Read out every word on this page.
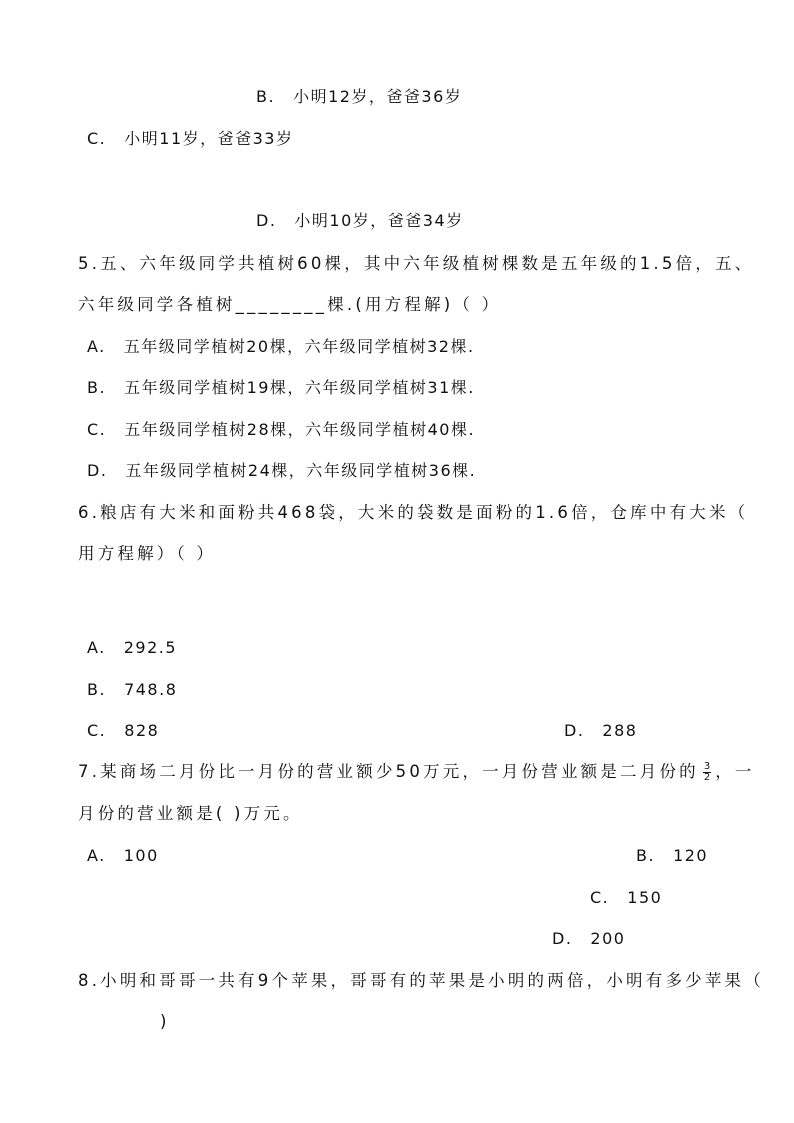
B. 小明12岁，爸爸36岁
C. 小明11岁，爸爸33岁
D. 小明10岁，爸爸34岁
5.五、六年级同学共植树60棵，其中六年级植树棵数是五年级的1.5倍，五、
六年级同学各植树________棵.(用方程解)（ ）
A. 五年级同学植树20棵，六年级同学植树32棵.
B. 五年级同学植树19棵，六年级同学植树31棵.
C. 五年级同学植树28棵，六年级同学植树40棵.
D. 五年级同学植树24棵，六年级同学植树36棵.
6.粮店有大米和面粉共468袋，大米的袋数是面粉的1.6倍，仓库中有大米（
用方程解）（ ）
A. 292.5
B. 748.8
C. 828	D. 288
7.某商场二月份比一月份的营业额少50万元，一月份营业额是二月份的 $\frac{3}{2}$ ，一
月份的营业额是( )万元。
A. 100	B. 120
C. 150
D. 200
8.小明和哥哥一共有9个苹果，哥哥有的苹果是小明的两倍，小明有多少苹果（
)
